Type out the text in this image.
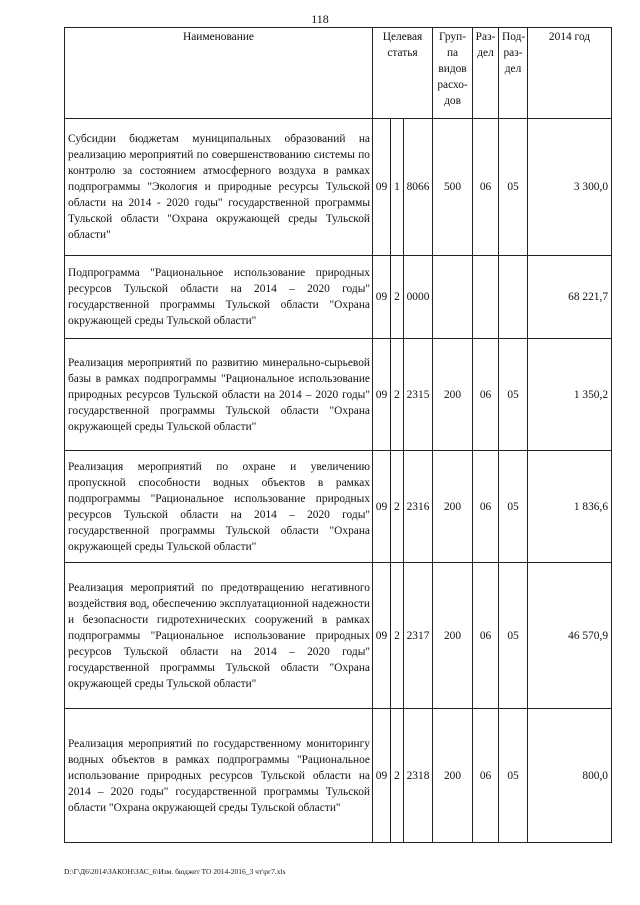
118
Наименование	Целевая статья			Груп- па видов расхо- дов	Раз- дел	Под- раз- дел	2014 год
Субсидии бюджетам муниципальных образований на реализацию мероприятий по совершенствованию системы по контролю за состоянием атмосферного воздуха в рамках подпрограммы "Экология и природные ресурсы Тульской области на 2014 - 2020 годы" государственной программы Тульской области "Охрана окружающей среды Тульской области"	09	1	8066	500	06	05	3 300,0
Подпрограмма "Рациональное использование природных ресурсов Тульской области на 2014 – 2020 годы" государственной программы Тульской области "Охрана окружающей среды Тульской области"	09	2	0000				68 221,7
Реализация мероприятий по развитию минерально-сырьевой базы в рамках подпрограммы "Рациональное использование природных ресурсов Тульской области на 2014 – 2020 годы" государственной программы Тульской области "Охрана окружающей среды Тульской области"	09	2	2315	200	06	05	1 350,2
Реализация мероприятий по охране и увеличению пропускной способности водных объектов в рамках подпрограммы "Рациональное использование природных ресурсов Тульской области на 2014 – 2020 годы" государственной программы Тульской области "Охрана окружающей среды Тульской области"	09	2	2316	200	06	05	1 836,6
Реализация мероприятий по предотвращению негативного воздействия вод, обеспечению эксплуатационной надежности и безопасности гидротехнических сооружений в рамках подпрограммы "Рациональное использование природных ресурсов Тульской области на 2014 – 2020 годы" государственной программы Тульской области "Охрана окружающей среды Тульской области"	09	2	2317	200	06	05	46 570,9
Реализация мероприятий по государственному мониторингу водных объектов в рамках подпрограммы "Рациональное использование природных ресурсов Тульской области на 2014 – 2020 годы" государственной программы Тульской области "Охрана окружающей среды Тульской области"	09	2	2318	200	06	05	800,0
D:\Г\Д6\2014\ЗАКОН\ЗАС_6\Изм. бюджет ТО 2014-2016_3 чт\рг7.xls
